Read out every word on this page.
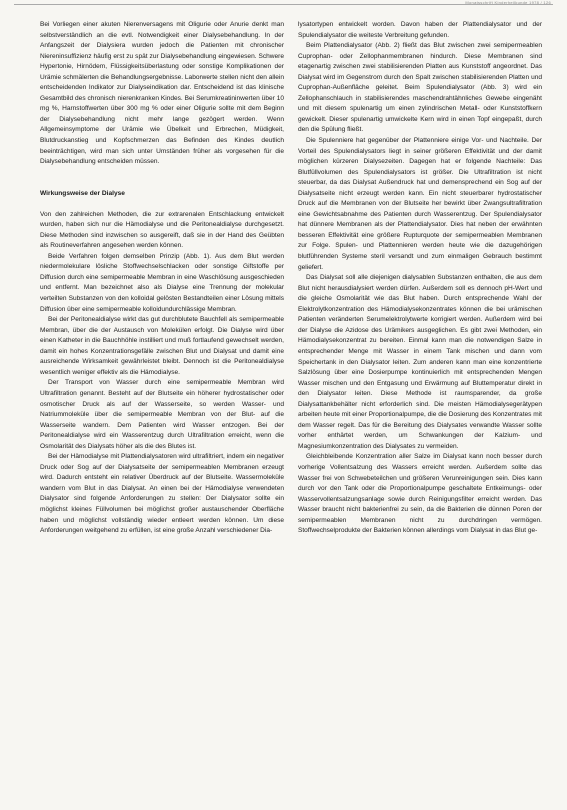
Monatsschrift Kinderheilkunde 1978 / 126

Bei Vorliegen einer akuten Nierenversagens mit Oligurie oder Anurie denkt man selbstverständlich an die evtl. Notwendigkeit einer Dialysebehandlung. In der Anfangszeit der Dialysiera wurden jedoch die Patienten mit chronischer Niereninsuffizienz häufig erst zu spät zur Dialysebehandlung eingewiesen. Schwere Hypertonie, Hirnödem, Flüssigkeitsüberlastung oder sonstige Komplikationen der Urämie schmälerten die Behandlungsergebnisse. Laborwerte stellen nicht den allein entscheidenden Indikator zur Dialyseindikation dar. Entscheidend ist das klinische Gesamtbild des chronisch nierenkranken Kindes. Bei Serumkreatininwerten über 10 mg %, Harnstoffwerten über 300 mg % oder einer Oligurie sollte mit dem Beginn der Dialysebehandlung nicht mehr lange gezögert werden. Wenn Allgemeinsymptome der Urämie wie Übelkeit und Erbrechen, Müdigkeit, Blutdruckanstieg und Kopfschmerzen das Befinden des Kindes deutlich beeinträchtigen, wird man sich unter Umständen früher als vorgesehen für die Dialysebehandlung entscheiden müssen.

Wirkungsweise der Dialyse

Von den zahlreichen Methoden, die zur extrarenalen Entschlackung entwickelt wurden, haben sich nur die Hämodialyse und die Peritonealdialyse durchgesetzt. Diese Methoden sind inzwischen so ausgereift, daß sie in der Hand des Geübten als Routineverfahren angesehen werden können.

Beide Verfahren folgen demselben Prinzip (Abb. 1). Aus dem Blut werden niedermolekulare lösliche Stoffwechselschlacken oder sonstige Giftstoffe per Diffusion durch eine semipermeable Membran in eine Waschlösung ausgeschieden und entfernt. Man bezeichnet also als Dialyse eine Trennung der molekular verteilten Substanzen von den kolloidal gelösten Bestandteilen einer Lösung mittels Diffusion über eine semipermeable kolloidundurchlässige Membran.

Bei der Peritonealdialyse wirkt das gut durchblutete Bauchfell als semipermeable Membran, über die der Austausch von Molekülen erfolgt. Die Dialyse wird über einen Katheter in die Bauchhöhle instilliert und muß fortlaufend gewechselt werden, damit ein hohes Konzentrationsgefälle zwischen Blut und Dialysat und damit eine ausreichende Wirksamkeit gewährleistet bleibt. Dennoch ist die Peritonealdialyse wesentlich weniger effektiv als die Hämodialyse.

Der Transport von Wasser durch eine semipermeable Membran wird Ultrafiltration genannt. Besteht auf der Blutseite ein höherer hydrostatischer oder osmotischer Druck als auf der Wasserseite, so werden Wasser- und Natriummoleküle über die semipermeable Membran von der Blut- auf die Wasserseite wandern. Dem Patienten wird Wasser entzogen. Bei der Peritonealdialyse wird ein Wasserentzug durch Ultrafiltration erreicht, wenn die Osmolarität des Dialysats höher als die des Blutes ist.

Bei der Hämodialyse mit Plattendialysatoren wird ultrafiltriert, indem ein negativer Druck oder Sog auf der Dialysatseite der semipermeablen Membranen erzeugt wird. Dadurch entsteht ein relativer Überdruck auf der Blutseite. Wassermoleküle wandern vom Blut in das Dialysat. An einen bei der Hämodialyse verwendeten Dialysator sind folgende Anforderungen zu stellen: Der Dialysator sollte ein möglichst kleines Füllvolumen bei möglichst großer austauschender Oberfläche haben und möglichst vollständig wieder entleert werden können. Um diese Anforderungen weitgehend zu erfüllen, ist eine große Anzahl verschiedener Dia-

lysatortypen entwickelt worden. Davon haben der Plattendialysator und der Spulendialysator die weiteste Verbreitung gefunden.

Beim Plattendialysator (Abb. 2) fließt das Blut zwischen zwei semipermeablen Cuprophan- oder Zellophanmembranen hindurch. Diese Membranen sind etagenartig zwischen zwei stabilisierenden Platten aus Kunststoff angeordnet. Das Dialysat wird im Gegenstrom durch den Spalt zwischen stabilisierenden Platten und Cuprophan-Außenfläche geleitet. Beim Spulendialysator (Abb. 3) wird ein Zellophanschlauch in stabilisierendes maschendrahtähnliches Gewebe eingenäht und mit diesem spulenartig um einen zylindrischen Metall- oder Kunststoffkern gewickelt. Dieser spulenartig umwickelte Kern wird in einen Topf eingepaßt, durch den die Spülung fließt.

Die Spulenniere hat gegenüber der Plattenniere einige Vor- und Nachteile. Der Vorteil des Spulendialysators liegt in seiner größeren Effektivität und der damit möglichen kürzeren Dialysezeiten. Dagegen hat er folgende Nachteile: Das Blutfüllvolumen des Spulendialysators ist größer. Die Ultrafiltration ist nicht steuerbar, da das Dialysat Außendruck hat und demensprechend ein Sog auf der Dialysatseite nicht erzeugt werden kann. Ein nicht steuerbarer hydrostatischer Druck auf die Membranen von der Blutseite her bewirkt über Zwangsultrafiltration eine Gewichtsabnahme des Patienten durch Wasserentzug. Der Spulendialysator hat dünnere Membranen als der Plattendialysator. Dies hat neben der erwähnten besseren Effektivität eine größere Rupturquote der semipermeablen Membranen zur Folge. Spulen- und Plattennieren werden heute wie die dazugehörigen blutführenden Systeme steril versandt und zum einmaligen Gebrauch bestimmt geliefert.

Das Dialysat soll alle diejenigen dialysablen Substanzen enthalten, die aus dem Blut nicht herausdialysiert werden dürfen. Außerdem soll es dennoch pH-Wert und die gleiche Osmolarität wie das Blut haben. Durch entsprechende Wahl der Elektrolytkonzentration des Hämodialysekonzentrates können die bei urämischen Patienten veränderten Serumelektrolytwerte korrigiert werden. Außerdem wird bei der Dialyse die Azidose des Urämikers ausgeglichen. Es gibt zwei Methoden, ein Hämodialysekonzentrat zu bereiten. Einmal kann man die notwendigen Salze in entsprechender Menge mit Wasser in einem Tank mischen und dann vom Speichertank in den Dialysator leiten. Zum anderen kann man eine konzentrierte Salzlösung über eine Dosierpumpe kontinuierlich mit entsprechenden Mengen Wasser mischen und den Entgasung und Erwärmung auf Bluttemperatur direkt in den Dialysator leiten. Diese Methode ist raumsparender, da große Dialysattankbehälter nicht erforderlich sind. Die meisten Hämodialysegerätypen arbeiten heute mit einer Proportionalpumpe, die die Dosierung des Konzentrates mit dem Wasser regelt. Das für die Bereitung des Dialysates verwandte Wasser sollte vorher enthärtet werden, um Schwankungen der Kalzium- und Magnesiumkonzentration des Dialysates zu vermeiden.

Gleichbleibende Konzentration aller Salze im Dialysat kann noch besser durch vorherige Vollentsalzung des Wassers erreicht werden. Außerdem sollte das Wasser frei von Schwebeteilchen und größeren Verunreinigungen sein. Dies kann durch vor den Tank oder die Proportionalpumpe geschaltete Entkeimungs- oder Wasservollentsalzungsanlage sowie durch Reinigungsfilter erreicht werden. Das Wasser braucht nicht bakterienfrei zu sein, da die Bakterien die dünnen Poren der semipermeablen Membranen nicht zu durchdringen vermögen. Stoffwechselprodukte der Bakterien können allerdings vom Dialysat in das Blut ge-
